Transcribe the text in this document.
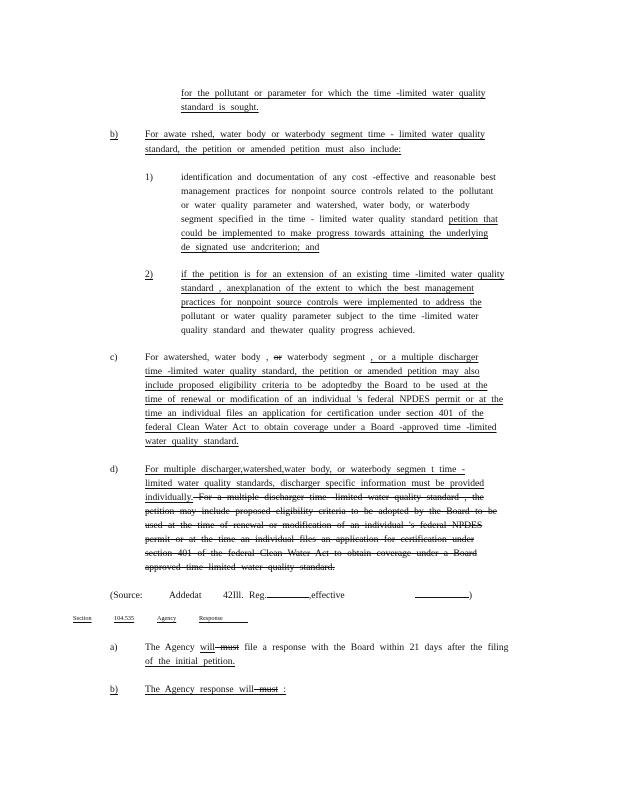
for the pollutant or parameter for which the time -limited water quality
standard is sought.
b)	For awate rshed, water body or waterbody segment time - limited water quality
standard, the petition or amended petition must also include:
1)	identification and documentation of any cost -effective and reasonable best
management practices for nonpoint source controls related to the pollutant
or water quality parameter and watershed, water body, or waterbody
segment specified in the time - limited water quality standard petition that
could be implemented to make progress towards attaining the underlying
de signated use andcriterion; and
2)	if the petition is for an extension of an existing time -limited water quality
standard , anexplanation of the extent to which the best management
practices for nonpoint source controls were implemented to address the
pollutant or water quality parameter subject to the time -limited water
quality standard and thewater quality progress achieved.
c)	For awatershed, water body , or waterbody segment , or a multiple discharger
time -limited water quality standard, the petition or amended petition may also
include proposed eligibility criteria to be adoptedby the Board to be used at the
time of renewal or modification of an individual 's federal NPDES permit or at the
time an individual files an application for certification under section 401 of the
federal Clean Water Act to obtain coverage under a Board -approved time -limited
water quality standard.
d)	For multiple discharger,watershed,water body, or waterbody segmen t time -
limited water quality standards, discharger specific information must be provided
individually. For a multiple discharger time -limited water quality standard , the
petition may include proposed eligibility criteria to be adopted by the Board to be
used at the time of renewal or modification of an individual 's federal NPDES
permit or at the time an individual files an application for certification under
section 401 of the federal Clean Water Act to obtain coverage under a Board
approved time limited water quality standard.
(Source:	Addedat 42Ill. Reg.	,effective	)
Section	104.535	Agency	Response
a)	The Agency will must file a response with the Board within 21 days after the filing
of the initial petition.
b)	The Agency response will must :
